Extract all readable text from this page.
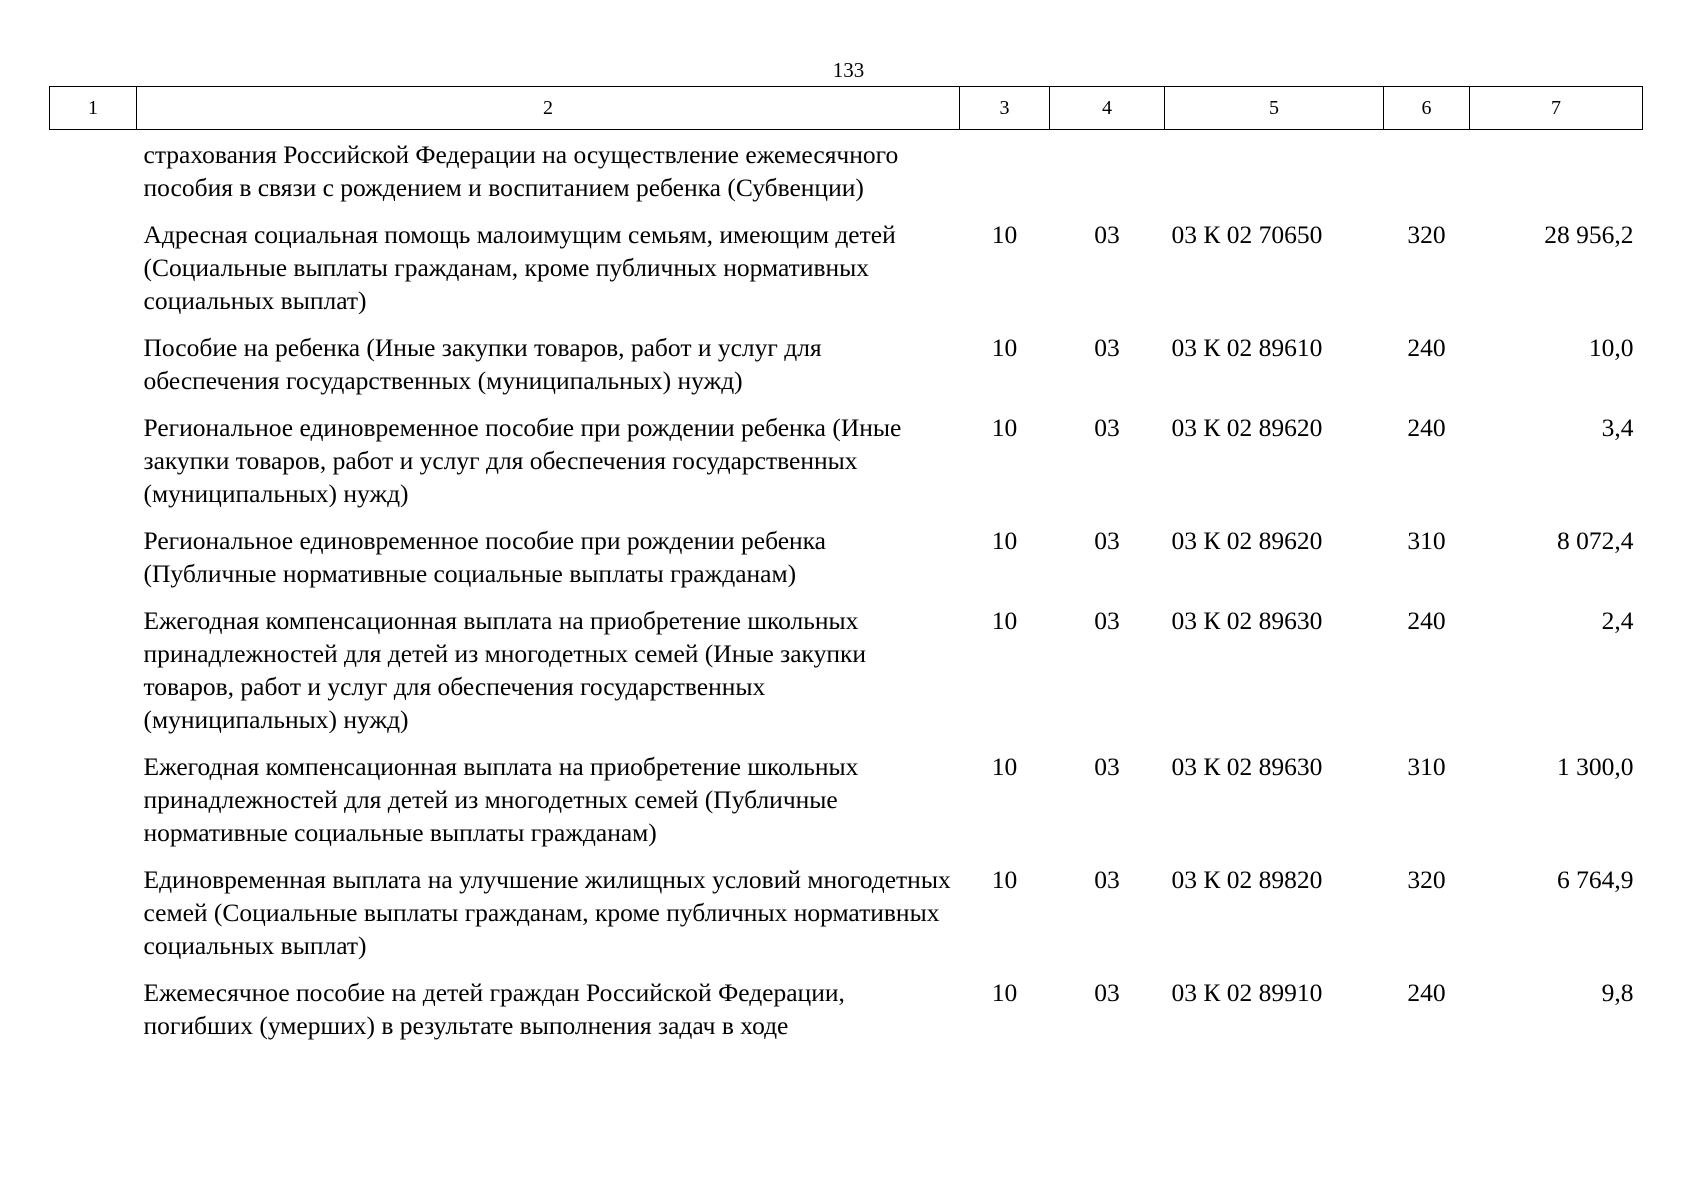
133
1	2	3	4	5	6	7
страхования Российской Федерации на осуществление ежемесячного пособия в связи с рождением и воспитанием ребенка (Субвенции)						
Адресная социальная помощь малоимущим семьям, имеющим детей (Социальные выплаты гражданам, кроме публичных нормативных социальных выплат)		10	03	03 К 02 70650	320	28 956,2
Пособие на ребенка (Иные закупки товаров, работ и услуг для обеспечения государственных (муниципальных) нужд)		10	03	03 К 02 89610	240	10,0
Региональное единовременное пособие при рождении ребенка (Иные закупки товаров, работ и услуг для обеспечения государственных (муниципальных) нужд)		10	03	03 К 02 89620	240	3,4
Региональное единовременное пособие при рождении ребенка (Публичные нормативные социальные выплаты гражданам)		10	03	03 К 02 89620	310	8 072,4
Ежегодная компенсационная выплата на приобретение школьных принадлежностей для детей из многодетных семей (Иные закупки товаров, работ и услуг для обеспечения государственных (муниципальных) нужд)		10	03	03 К 02 89630	240	2,4
Ежегодная компенсационная выплата на приобретение школьных принадлежностей для детей из многодетных семей (Публичные нормативные социальные выплаты гражданам)		10	03	03 К 02 89630	310	1 300,0
Единовременная выплата на улучшение жилищных условий многодетных семей (Социальные выплаты гражданам, кроме публичных нормативных социальных выплат)		10	03	03 К 02 89820	320	6 764,9
Ежемесячное пособие на детей граждан Российской Федерации, погибших (умерших) в результате выполнения задач в ходе		10	03	03 К 02 89910	240	9,8
